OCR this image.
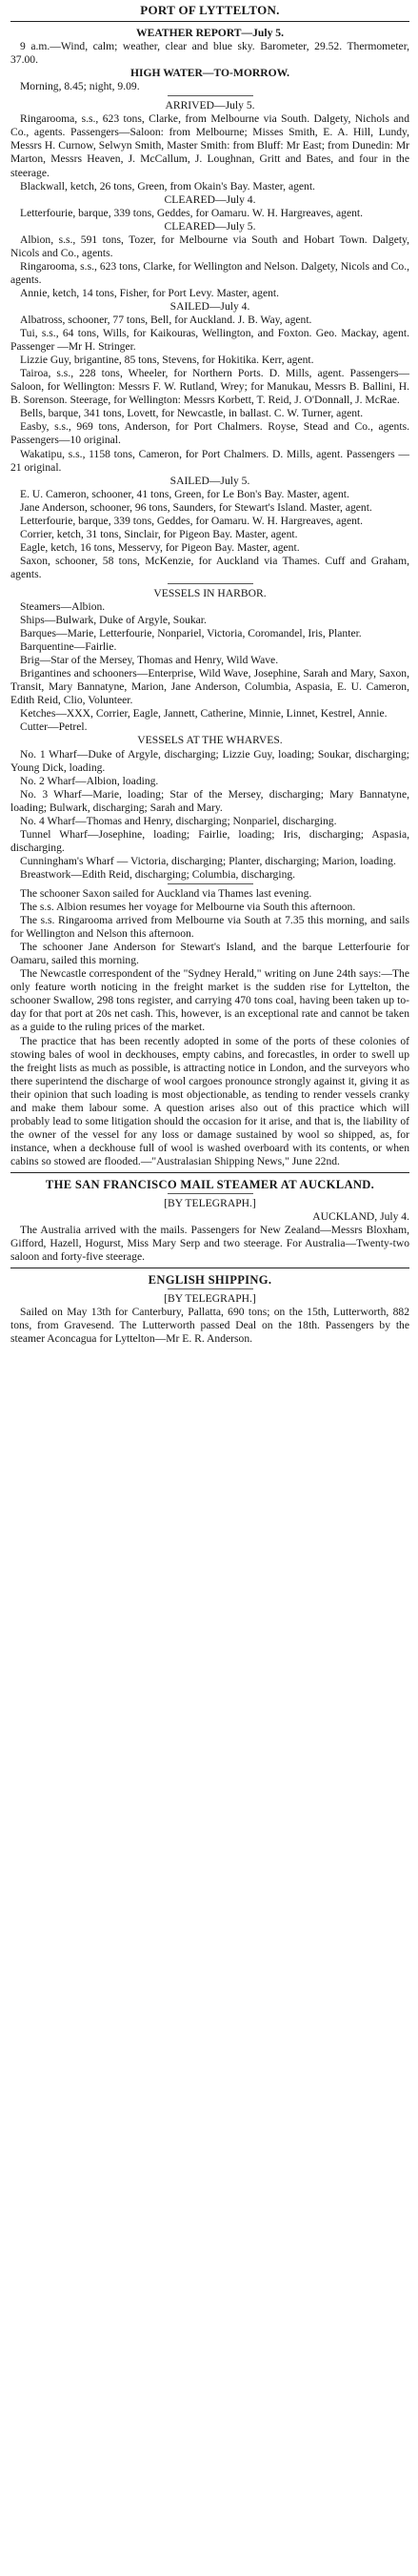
PORT OF LYTTELTON.
WEATHER REPORT—July 5.

9 a.m.—Wind, calm; weather, clear and blue sky. Barometer, 29.52. Thermometer, 37.00.

HIGH WATER—TO-MORROW.

Morning, 8.45; night, 9.09.

ARRIVED—July 5.

Ringarooma, s.s., 623 tons, Clarke, from Melbourne via South. Dalgety, Nichols and Co., agents. Passengers—Saloon: from Melbourne; Misses Smith, E. A. Hill, Lundy, Messrs H. Curnow, Selwyn Smith, Master Smith: from Bluff: Mr East; from Dunedin: Mr Marton, Messrs Heaven, J. McCallum, J. Loughnan, Gritt and Bates, and four in the steerage.

Blackwall, ketch, 26 tons, Green, from Okain's Bay. Master, agent.

CLEARED—July 4.

Letterfourie, barque, 339 tons, Geddes, for Oamaru. W. H. Hargreaves, agent.

CLEARED—July 5.

Albion, s.s., 591 tons, Tozer, for Melbourne via South and Hobart Town. Dalgety, Nicols and Co., agents.

Ringarooma, s.s., 623 tons, Clarke, for Wellington and Nelson. Dalgety, Nicols and Co., agents.

Annie, ketch, 14 tons, Fisher, for Port Levy. Master, agent.

SAILED—July 4.

Albatross, schooner, 77 tons, Bell, for Auckland. J. B. Way, agent.

Tui, s.s., 64 tons, Wills, for Kaikouras, Wellington, and Foxton. Geo. Mackay, agent. Passenger —Mr H. Stringer.

Lizzie Guy, brigantine, 85 tons, Stevens, for Hokitika. Kerr, agent.

Tairoa, s.s., 228 tons, Wheeler, for Northern Ports. D. Mills, agent. Passengers—Saloon, for Wellington: Messrs F. W. Rutland, Wrey; for Manukau, Messrs B. Ballini, H. B. Sorenson. Steerage, for Wellington: Messrs Korbett, T. Reid, J. O'Donnall, J. McRae.

Bells, barque, 341 tons, Lovett, for Newcastle, in ballast. C. W. Turner, agent.

Easby, s.s., 969 tons, Anderson, for Port Chalmers. Royse, Stead and Co., agents. Passengers—10 original.

Wakatipu, s.s., 1158 tons, Cameron, for Port Chalmers. D. Mills, agent. Passengers — 21 original.

SAILED—July 5.

E. U. Cameron, schooner, 41 tons, Green, for Le Bon's Bay. Master, agent.

Jane Anderson, schooner, 96 tons, Saunders, for Stewart's Island. Master, agent.

Letterfourie, barque, 339 tons, Geddes, for Oamaru. W. H. Hargreaves, agent.

Corrier, ketch, 31 tons, Sinclair, for Pigeon Bay. Master, agent.

Eagle, ketch, 16 tons, Messervy, for Pigeon Bay. Master, agent.

Saxon, schooner, 58 tons, McKenzie, for Auckland via Thames. Cuff and Graham, agents.

VESSELS IN HARBOR.

Steamers—Albion.

Ships—Bulwark, Duke of Argyle, Soukar.

Barques—Marie, Letterfourie, Nonpariel, Victoria, Coromandel, Iris, Planter.

Barquentine—Fairlie.

Brig—Star of the Mersey, Thomas and Henry, Wild Wave.

Brigantines and schooners—Enterprise, Wild Wave, Josephine, Sarah and Mary, Saxon, Transit, Mary Bannatyne, Marion, Jane Anderson, Columbia, Aspasia, E. U. Cameron, Edith Reid, Clio, Volunteer.

Ketches—XXX, Corrier, Eagle, Jannett, Catherine, Minnie, Linnet, Kestrel, Annie.

Cutter—Petrel.

VESSELS AT THE WHARVES.

No. 1 Wharf—Duke of Argyle, discharging; Lizzie Guy, loading; Soukar, discharging; Young Dick, loading.

No. 2 Wharf—Albion, loading.

No. 3 Wharf—Marie, loading; Star of the Mersey, discharging; Mary Bannatyne, loading; Bulwark, discharging; Sarah and Mary.

No. 4 Wharf—Thomas and Henry, discharging; Nonpariel, discharging.

Tunnel Wharf—Josephine, loading; Fairlie, loading; Iris, discharging; Aspasia, discharging.

Cunningham's Wharf — Victoria, discharging; Planter, discharging; Marion, loading.

Breastwork—Edith Reid, discharging; Columbia, discharging.

The schooner Saxon sailed for Auckland via Thames last evening.

The s.s. Albion resumes her voyage for Melbourne via South this afternoon.

The s.s. Ringarooma arrived from Melbourne via South at 7.35 this morning, and sails for Wellington and Nelson this afternoon.

The schooner Jane Anderson for Stewart's Island, and the barque Letterfourie for Oamaru, sailed this morning.

The Newcastle correspondent of the "Sydney Herald," writing on June 24th says:—The only feature worth noticing in the freight market is the sudden rise for Lyttelton, the schooner Swallow, 298 tons register, and carrying 470 tons coal, having been taken up to-day for that port at 20s net cash. This, however, is an exceptional rate and cannot be taken as a guide to the ruling prices of the market.

The practice that has been recently adopted in some of the ports of these colonies of stowing bales of wool in deckhouses, empty cabins, and forecastles, in order to swell up the freight lists as much as possible, is attracting notice in London, and the surveyors who there superintend the discharge of wool cargoes pronounce strongly against it, giving it as their opinion that such loading is most objectionable, as tending to render vessels cranky and make them labour some. A question arises also out of this practice which will probably lead to some litigation should the occasion for it arise, and that is, the liability of the owner of the vessel for any loss or damage sustained by wool so shipped, as, for instance, when a deckhouse full of wool is washed overboard with its contents, or when cabins so stowed are flooded.—"Australasian Shipping News," June 22nd.

THE SAN FRANCISCO MAIL STEAMER AT AUCKLAND.
[BY TELEGRAPH.]
AUCKLAND, July 4.

The Australia arrived with the mails. Passengers for New Zealand—Messrs Bloxham, Gifford, Hazell, Hogurst, Miss Mary Serp and two steerage. For Australia—Twenty-two saloon and forty-five steerage.

ENGLISH SHIPPING.
[BY TELEGRAPH.]

Sailed on May 13th for Canterbury, Pallatta, 690 tons; on the 15th, Lutterworth, 882 tons, from Gravesend. The Lutterworth passed Deal on the 18th. Passengers by the steamer Aconcagua for Lyttelton—Mr E. R. Anderson.
